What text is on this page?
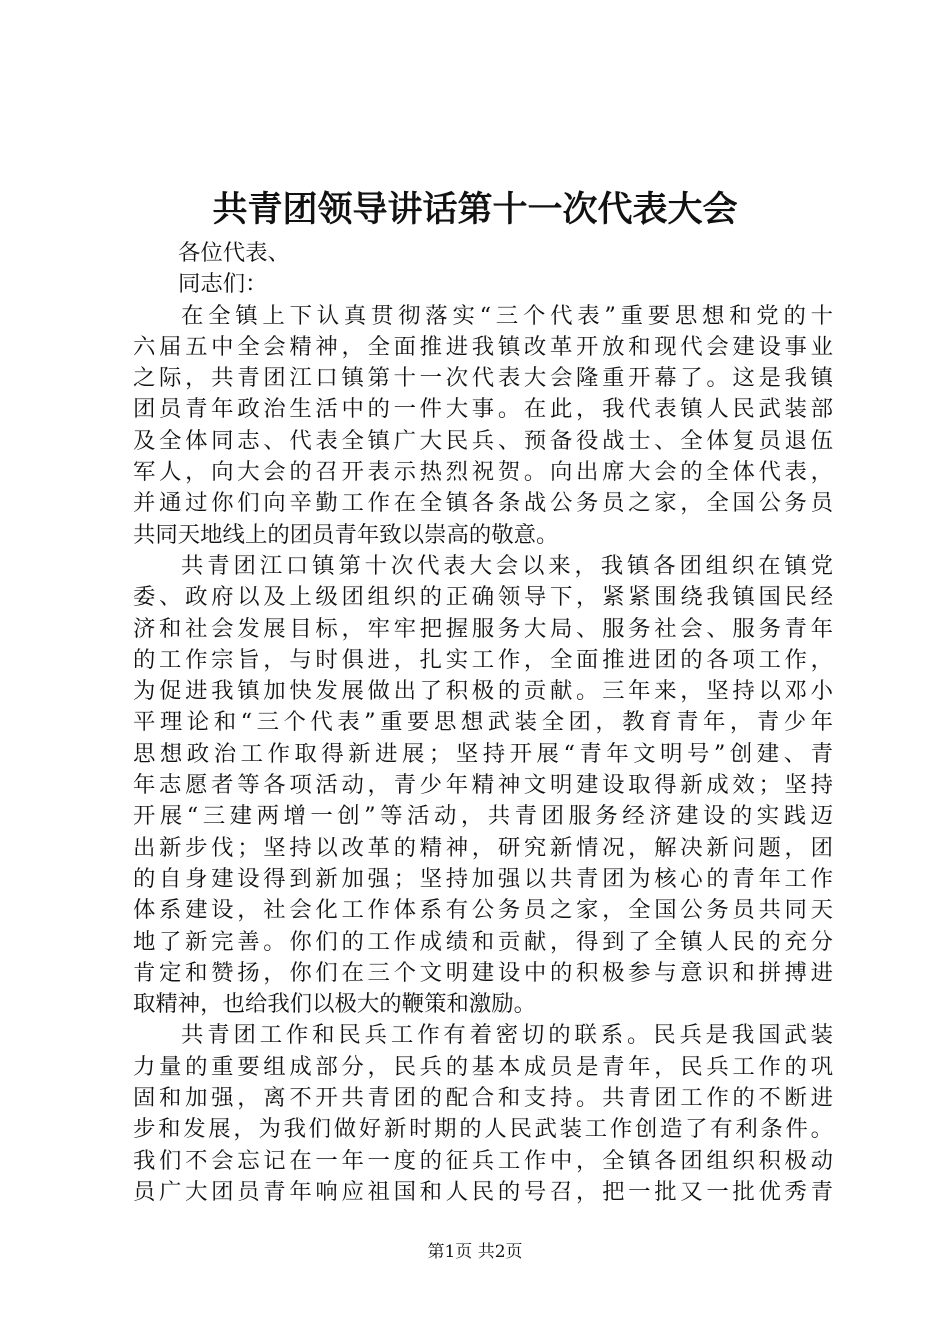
共青团领导讲话第十一次代表大会
各位代表、
同志们：
在全镇上下认真贯彻落实“三个代表”重要思想和党的十
六届五中全会精神，全面推进我镇改革开放和现代会建设事业
之际，共青团江口镇第十一次代表大会隆重开幕了。这是我镇
团员青年政治生活中的一件大事。在此，我代表镇人民武装部
及全体同志、代表全镇广大民兵、预备役战士、全体复员退伍
军人，向大会的召开表示热烈祝贺。向出席大会的全体代表，
并通过你们向辛勤工作在全镇各条战公务员之家，全国公务员
共同天地线上的团员青年致以崇高的敬意。
共青团江口镇第十次代表大会以来，我镇各团组织在镇党
委、政府以及上级团组织的正确领导下，紧紧围绕我镇国民经
济和社会发展目标，牢牢把握服务大局、服务社会、服务青年
的工作宗旨，与时俱进，扎实工作，全面推进团的各项工作，
为促进我镇加快发展做出了积极的贡献。三年来，坚持以邓小
平理论和“三个代表”重要思想武装全团，教育青年，青少年
思想政治工作取得新进展；坚持开展“青年文明号”创建、青
年志愿者等各项活动，青少年精神文明建设取得新成效；坚持
开展“三建两增一创”等活动，共青团服务经济建设的实践迈
出新步伐；坚持以改革的精神，研究新情况，解决新问题，团
的自身建设得到新加强；坚持加强以共青团为核心的青年工作
体系建设，社会化工作体系有公务员之家，全国公务员共同天
地了新完善。你们的工作成绩和贡献，得到了全镇人民的充分
肯定和赞扬，你们在三个文明建设中的积极参与意识和拼搏进
取精神，也给我们以极大的鞭策和激励。
共青团工作和民兵工作有着密切的联系。民兵是我国武装
力量的重要组成部分，民兵的基本成员是青年，民兵工作的巩
固和加强，离不开共青团的配合和支持。共青团工作的不断进
步和发展，为我们做好新时期的人民武装工作创造了有利条件。
我们不会忘记在一年一度的征兵工作中，全镇各团组织积极动
员广大团员青年响应祖国和人民的号召，把一批又一批优秀青
第1页 共2页
